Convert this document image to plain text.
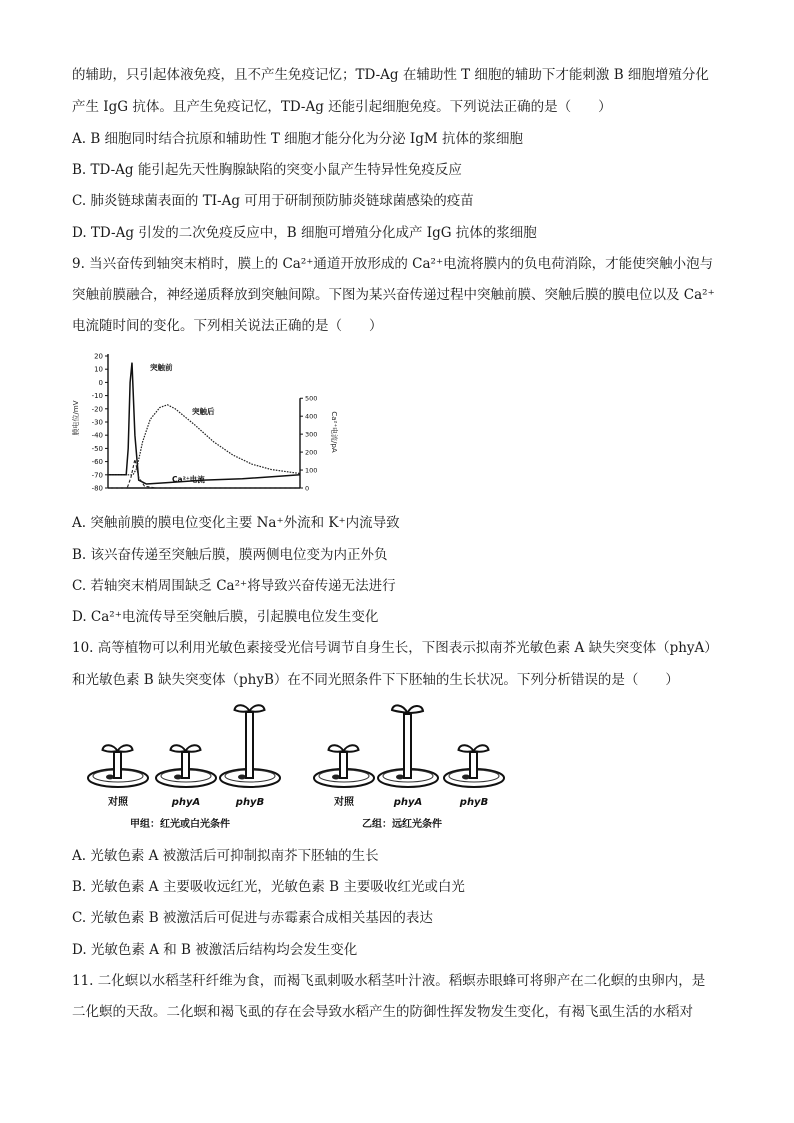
的辅助，只引起体液免疫，且不产生免疫记忆；TD-Ag 在辅助性 T 细胞的辅助下才能刺激 B 细胞增殖分化
产生 IgG 抗体。且产生免疫记忆，TD-Ag 还能引起细胞免疫。下列说法正确的是（　　）
A. B 细胞同时结合抗原和辅助性 T 细胞才能分化为分泌 IgM 抗体的浆细胞
B. TD-Ag 能引起先天性胸腺缺陷的突变小鼠产生特异性免疫反应
C. 肺炎链球菌表面的 TI-Ag 可用于研制预防肺炎链球菌感染的疫苗
D. TD-Ag 引发的二次免疫反应中，B 细胞可增殖分化成产 IgG 抗体的浆细胞
9. 当兴奋传到轴突末梢时，膜上的 Ca²⁺通道开放形成的 Ca²⁺电流将膜内的负电荷消除，才能使突触小泡与
突触前膜融合，神经递质释放到突触间隙。下图为某兴奋传递过程中突触前膜、突触后膜的膜电位以及 Ca²⁺
电流随时间的变化。下列相关说法正确的是（　　）
20
10
0
-10
-20
-30
-40
-50
-60
-70
-80
500
400
300
200
100
0
膜电位/mV	Ca²⁺电流/pA
突触前
突触后
Ca²⁺电流
A. 突触前膜的膜电位变化主要 Na⁺外流和 K⁺内流导致
B. 该兴奋传递至突触后膜，膜两侧电位变为内正外负
C. 若轴突末梢周围缺乏 Ca²⁺将导致兴奋传递无法进行
D. Ca²⁺电流传导至突触后膜，引起膜电位发生变化
10. 高等植物可以利用光敏色素接受光信号调节自身生长，下图表示拟南芥光敏色素 A 缺失突变体（phyA）
和光敏色素 B 缺失突变体（phyB）在不同光照条件下下胚轴的生长状况。下列分析错误的是（　　）
对照	phyA	phyB	对照	phyA	phyB
甲组：红光或白光条件	乙组：远红光条件
A. 光敏色素 A 被激活后可抑制拟南芥下胚轴的生长
B. 光敏色素 A 主要吸收远红光，光敏色素 B 主要吸收红光或白光
C. 光敏色素 B 被激活后可促进与赤霉素合成相关基因的表达
D. 光敏色素 A 和 B 被激活后结构均会发生变化
11. 二化螟以水稻茎秆纤维为食，而褐飞虱刺吸水稻茎叶汁液。稻螟赤眼蜂可将卵产在二化螟的虫卵内，是
二化螟的天敌。二化螟和褐飞虱的存在会导致水稻产生的防御性挥发物发生变化，有褐飞虱生活的水稻对
